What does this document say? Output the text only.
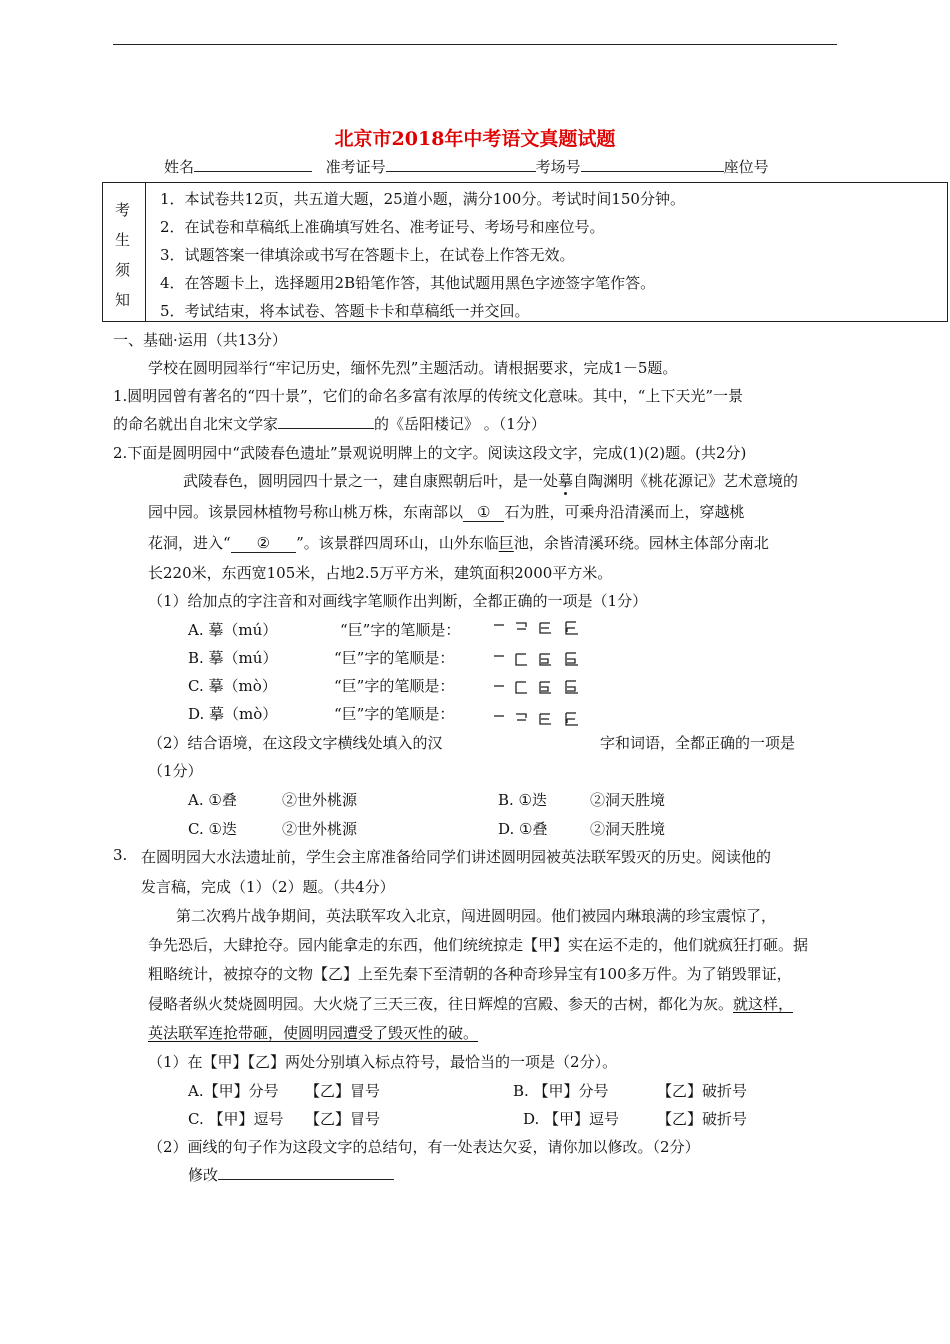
北京市2018年中考语文真题试题
姓名	准考证号	考场号	座位号
考
生
须
知
1．本试卷共12页，共五道大题，25道小题，满分100分。考试时间150分钟。
2．在试卷和草稿纸上准确填写姓名、准考证号、考场号和座位号。
3．试题答案一律填涂或书写在答题卡上，在试卷上作答无效。
4．在答题卡上，选择题用2B铅笔作答，其他试题用黑色字迹签字笔作答。
5．考试结束，将本试卷、答题卡卡和草稿纸一并交回。
一、基础·运用（共13分）
学校在圆明园举行“牢记历史，缅怀先烈”主题活动。请根据要求，完成1－5题。
1.圆明园曾有著名的“四十景”，它们的命名多富有浓厚的传统文化意味。其中，“上下天光”一景
的命名就出自北宋文学家	的《岳阳楼记》 。（1分）
2.下面是圆明园中“武陵春色遗址”景观说明牌上的文字。阅读这段文字，完成(1)(2)题。(共2分)
武陵春色，圆明园四十景之一，建自康熙朝后叶，是一处摹自陶渊明《桃花源记》艺术意境的
园中园。该景园林植物号称山桃万株，东南部以 ① 石为胜，可乘舟沿清溪而上，穿越桃
花洞，进入“ ② ”。该景群四周环山，山外东临巨池，余皆清溪环绕。园林主体部分南北
长220米，东西宽105米，占地2.5万平方米，建筑面积2000平方米。
（1）给加点的字注音和对画线字笔顺作出判断，全都正确的一项是（1分）
A. 摹（mú）	“巨”字的笔顺是：
B. 摹（mú）	“巨”字的笔顺是：
C. 摹（mò）	“巨”字的笔顺是：
D. 摹（mò）	“巨”字的笔顺是：
（2）结合语境，在这段文字横线处填入的汉	字和词语，全都正确的一项是
（1分）
A. ①叠	②世外桃源	B. ①迭	②洞天胜境
C. ①迭	②世外桃源	D. ①叠	②洞天胜境
3. 在圆明园大水法遗址前，学生会主席准备给同学们讲述圆明园被英法联军毁灭的历史。阅读他的
发言稿，完成（1）（2）题。（共4分）
第二次鸦片战争期间，英法联军攻入北京，闯进圆明园。他们被园内琳琅满的珍宝震惊了，
争先恐后，大肆抢夺。园内能拿走的东西，他们统统掠走【甲】实在运不走的，他们就疯狂打砸。据
粗略统计，被掠夺的文物【乙】上至先秦下至清朝的各种奇珍异宝有100多万件。为了销毁罪证，
侵略者纵火焚烧圆明园。大火烧了三天三夜，往日辉煌的宫殿、参天的古树，都化为灰。就这样，
英法联军连抢带砸，使圆明园遭受了毁灭性的破。
（1）在【甲】【乙】两处分别填入标点符号，最恰当的一项是（2分）。
A.【甲】分号 【乙】冒号	B. 【甲】分号	【乙】破折号
C. 【甲】逗号 【乙】冒号	D. 【甲】逗号	【乙】破折号
（2）画线的句子作为这段文字的总结句，有一处表达欠妥，请你加以修改。（2分）
修改
